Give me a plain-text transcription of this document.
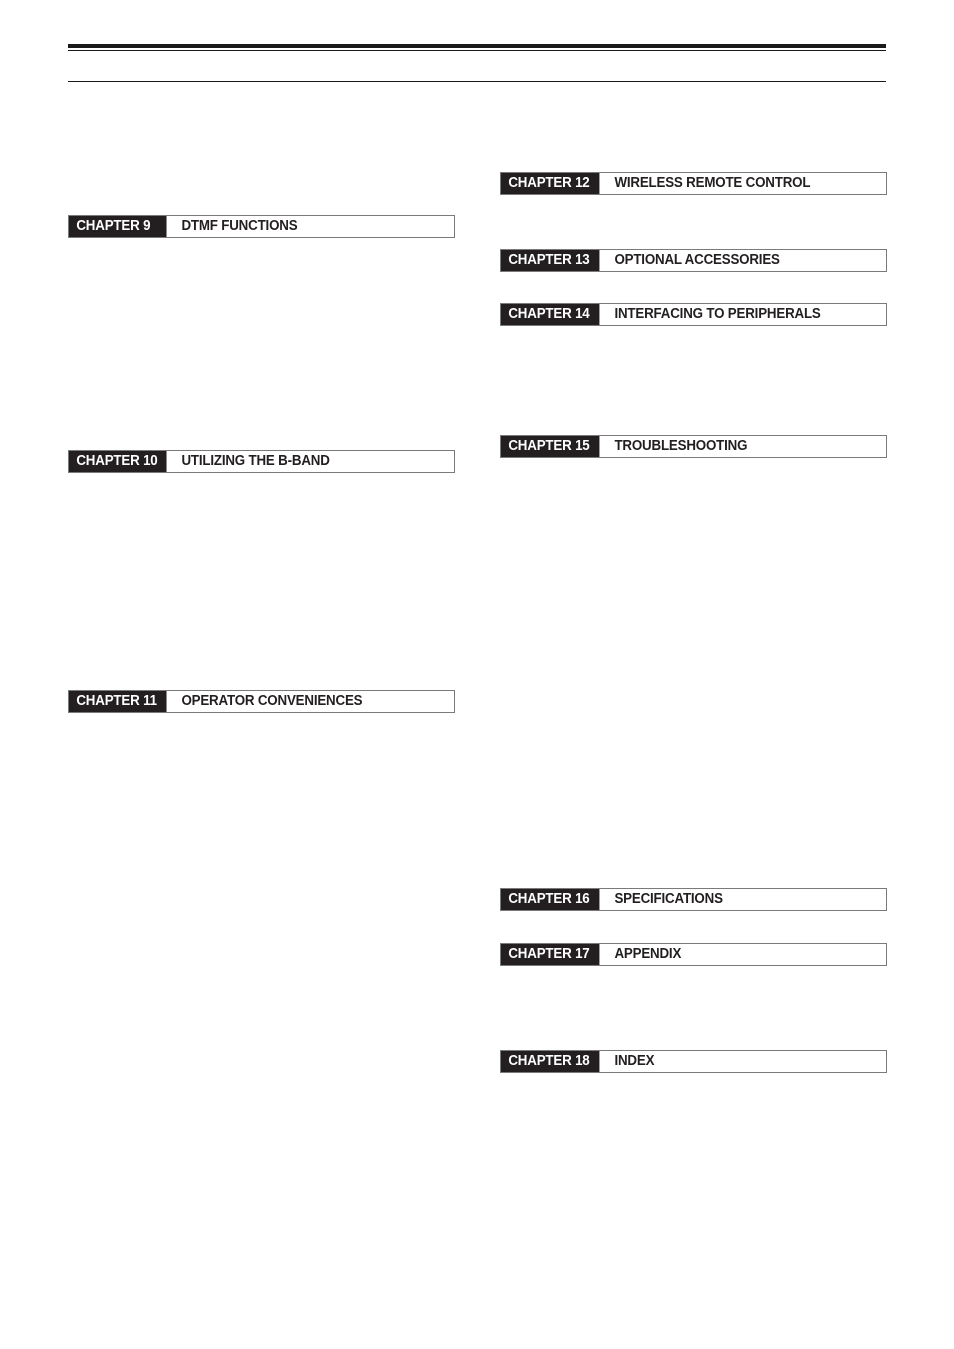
CHAPTER 9	DTMF FUNCTIONS
CHAPTER 10	UTILIZING THE B-BAND
CHAPTER 11	OPERATOR CONVENIENCES
CHAPTER 12	WIRELESS REMOTE CONTROL
CHAPTER 13	OPTIONAL ACCESSORIES
CHAPTER 14	INTERFACING TO PERIPHERALS
CHAPTER 15	TROUBLESHOOTING
CHAPTER 16	SPECIFICATIONS
CHAPTER 17	APPENDIX
CHAPTER 18	INDEX
